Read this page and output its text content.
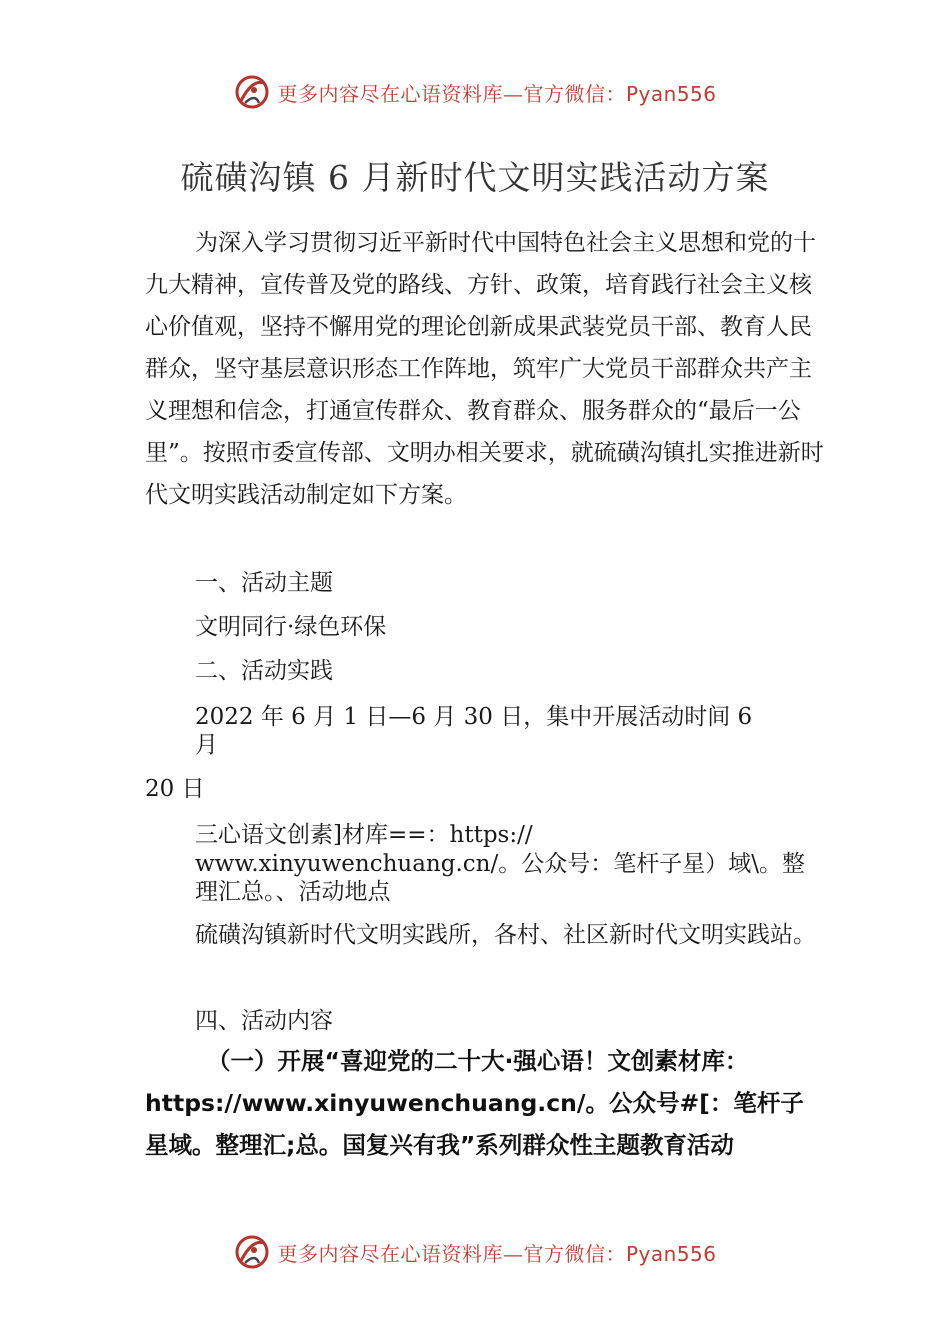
更多内容尽在心语资料库—官方微信：Pyan556
硫磺沟镇 6 月新时代文明实践活动方案
为深入学习贯彻习近平新时代中国特色社会主义思想和党的十九大精神，宣传普及党的路线、方针、政策，培育践行社会主义核心价值观，坚持不懈用党的理论创新成果武装党员干部、教育人民群众，坚守基层意识形态工作阵地，筑牢广大党员干部群众共产主义理想和信念，打通宣传群众、教育群众、服务群众的“最后一公里”。按照市委宣传部、文明办相关要求，就硫磺沟镇扎实推进新时代文明实践活动制定如下方案。
一、活动主题
文明同行·绿色环保
二、活动实践
2022 年 6 月 1 日—6 月 30 日，集中开展活动时间 6
月
20 日
三心语文创素]材库==：https://
www.xinyuwenchuang.cn/。公众号：笔杆子星）域\。整
理汇总。、活动地点
硫磺沟镇新时代文明实践所，各村、社区新时代文明实践站。
四、活动内容
（一）开展“喜迎党的二十大·强心语！文创素材库：
https://www.xinyuwenchuang.cn/。公众号#[：笔杆子星域。整理汇;总。国复兴有我”系列群众性主题教育活动
更多内容尽在心语资料库—官方微信：Pyan556
